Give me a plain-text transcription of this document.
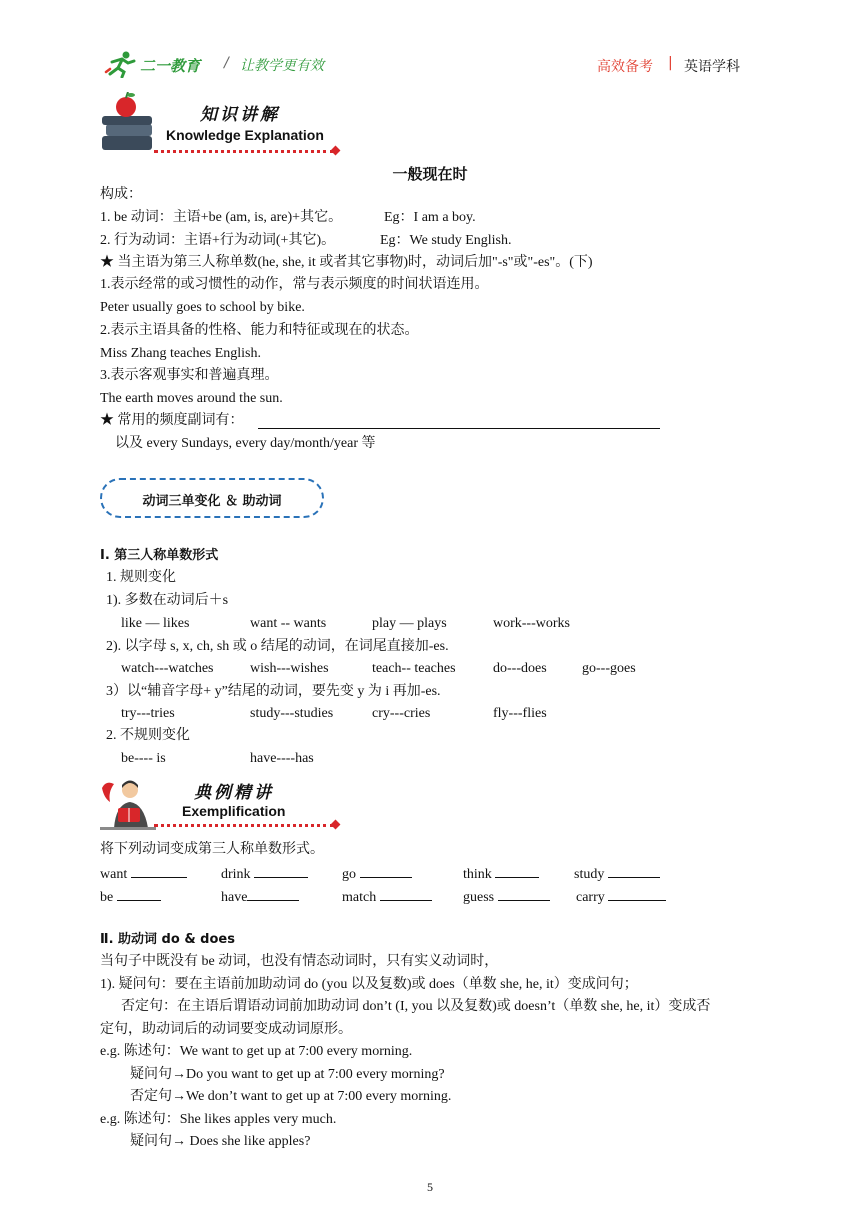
二一教育 / 让教学更有效	高效备考 | 英语学科
知识讲解
Knowledge Explanation
一般现在时
构成：
1. be 动词：主语+be (am, is, are)+其它。	Eg：I am a boy.
2. 行为动词：主语+行为动词(+其它)。	Eg：We study English.
★ 当主语为第三人称单数(he, she, it 或者其它事物)时，动词后加"-s"或"-es"。(下)
1.表示经常的或习惯性的动作，常与表示频度的时间状语连用。
Peter usually goes to school by bike.
2.表示主语具备的性格、能力和特征或现在的状态。
Miss Zhang teaches English.
3.表示客观事实和普遍真理。
The earth moves around the sun.
★ 常用的频度副词有：
以及 every Sundays, every day/month/year 等
动词三单变化 ＆ 助动词
Ⅰ. 第三人称单数形式
1. 规则变化
1). 多数在动词后＋s
like — likes	want -- wants	play — plays	work---works
2). 以字母 s, x, ch, sh 或 o 结尾的动词，在词尾直接加-es.
watch---watches	wish---wishes	teach-- teaches	do---does	go---goes
3）以“辅音字母+ y”结尾的动词，要先变 y 为 i 再加-es.
try---tries	study---studies	cry---cries	fly---flies
2. 不规则变化
be---- is	have----has
典例精讲
Exemplification
将下列动词变成第三人称单数形式。
want	drink	go	think	study
be	have	match	guess	carry
Ⅱ. 助动词 do & does
当句子中既没有 be 动词，也没有情态动词时，只有实义动词时，
1). 疑问句：要在主语前加助动词 do (you 以及复数)或 does（单数 she, he, it）变成问句；
否定句：在主语后谓语动词前加助动词 don’t (I, you 以及复数)或 doesn’t（单数 she, he, it）变成否
定句，助动词后的动词要变成动词原形。
e.g. 陈述句：We want to get up at 7:00 every morning.
疑问句→Do you want to get up at 7:00 every morning?
否定句→We don’t want to get up at 7:00 every morning.
e.g. 陈述句：She likes apples very much.
疑问句→ Does she like apples?
5
